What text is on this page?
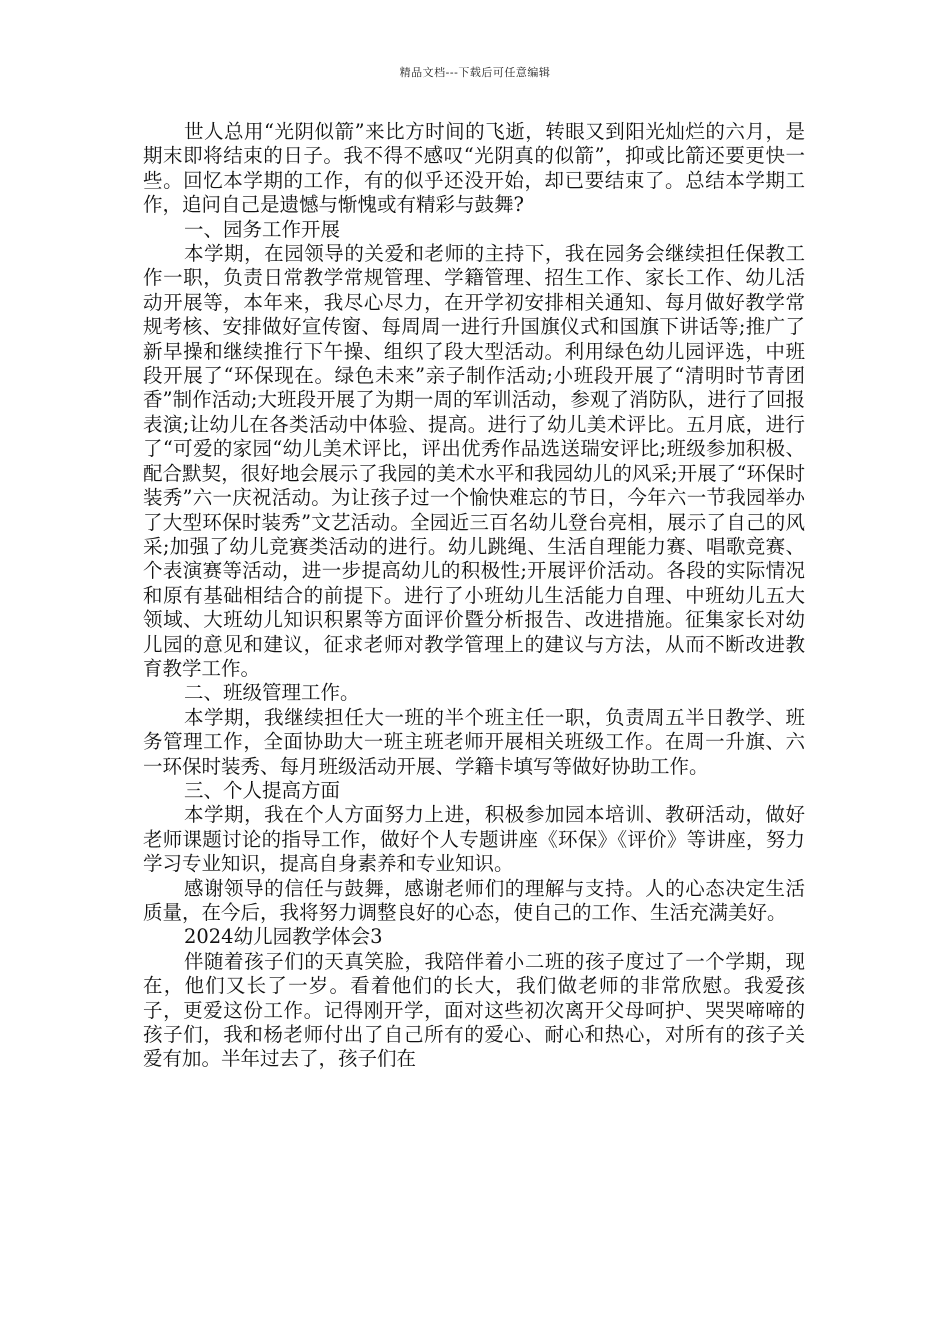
精品文档---下载后可任意编辑

世人总用“光阴似箭”来比方时间的飞逝，转眼又到阳光灿烂的六月，是期末即将结束的日子。我不得不感叹“光阴真的似箭”，抑或比箭还要更快一些。回忆本学期的工作，有的似乎还没开始，却已要结束了。总结本学期工作，追问自己是遗憾与惭愧或有精彩与鼓舞?

一、园务工作开展

本学期，在园领导的关爱和老师的主持下，我在园务会继续担任保教工作一职，负责日常教学常规管理、学籍管理、招生工作、家长工作、幼儿活动开展等，本年来，我尽心尽力，在开学初安排相关通知、每月做好教学常规考核、安排做好宣传窗、每周周一进行升国旗仪式和国旗下讲话等;推广了新早操和继续推行下午操、组织了段大型活动。利用绿色幼儿园评选，中班段开展了“环保现在。绿色未来”亲子制作活动;小班段开展了“清明时节青团香”制作活动;大班段开展了为期一周的军训活动，参观了消防队，进行了回报表演;让幼儿在各类活动中体验、提高。进行了幼儿美术评比。五月底，进行了“可爱的家园“幼儿美术评比，评出优秀作品选送瑞安评比;班级参加积极、配合默契，很好地会展示了我园的美术水平和我园幼儿的风采;开展了“环保时装秀”六一庆祝活动。为让孩子过一个愉快难忘的节日，今年六一节我园举办了大型环保时装秀”文艺活动。全园近三百名幼儿登台亮相，展示了自己的风采;加强了幼儿竞赛类活动的进行。幼儿跳绳、生活自理能力赛、唱歌竞赛、个表演赛等活动，进一步提高幼儿的积极性;开展评价活动。各段的实际情况和原有基础相结合的前提下。进行了小班幼儿生活能力自理、中班幼儿五大领域、大班幼儿知识积累等方面评价暨分析报告、改进措施。征集家长对幼儿园的意见和建议，征求老师对教学管理上的建议与方法，从而不断改进教育教学工作。

二、班级管理工作。

本学期，我继续担任大一班的半个班主任一职，负责周五半日教学、班务管理工作，全面协助大一班主班老师开展相关班级工作。在周一升旗、六一环保时装秀、每月班级活动开展、学籍卡填写等做好协助工作。

三、个人提高方面

本学期，我在个人方面努力上进，积极参加园本培训、教研活动，做好老师课题讨论的指导工作，做好个人专题讲座《环保》《评价》等讲座，努力学习专业知识，提高自身素养和专业知识。

感谢领导的信任与鼓舞，感谢老师们的理解与支持。人的心态决定生活质量，在今后，我将努力调整良好的心态，使自己的工作、生活充满美好。

2024幼儿园教学体会3

伴随着孩子们的天真笑脸，我陪伴着小二班的孩子度过了一个学期，现在，他们又长了一岁。看着他们的长大，我们做老师的非常欣慰。我爱孩子，更爱这份工作。记得刚开学，面对这些初次离开父母呵护、哭哭啼啼的孩子们，我和杨老师付出了自己所有的爱心、耐心和热心，对所有的孩子关爱有加。半年过去了，孩子们在
